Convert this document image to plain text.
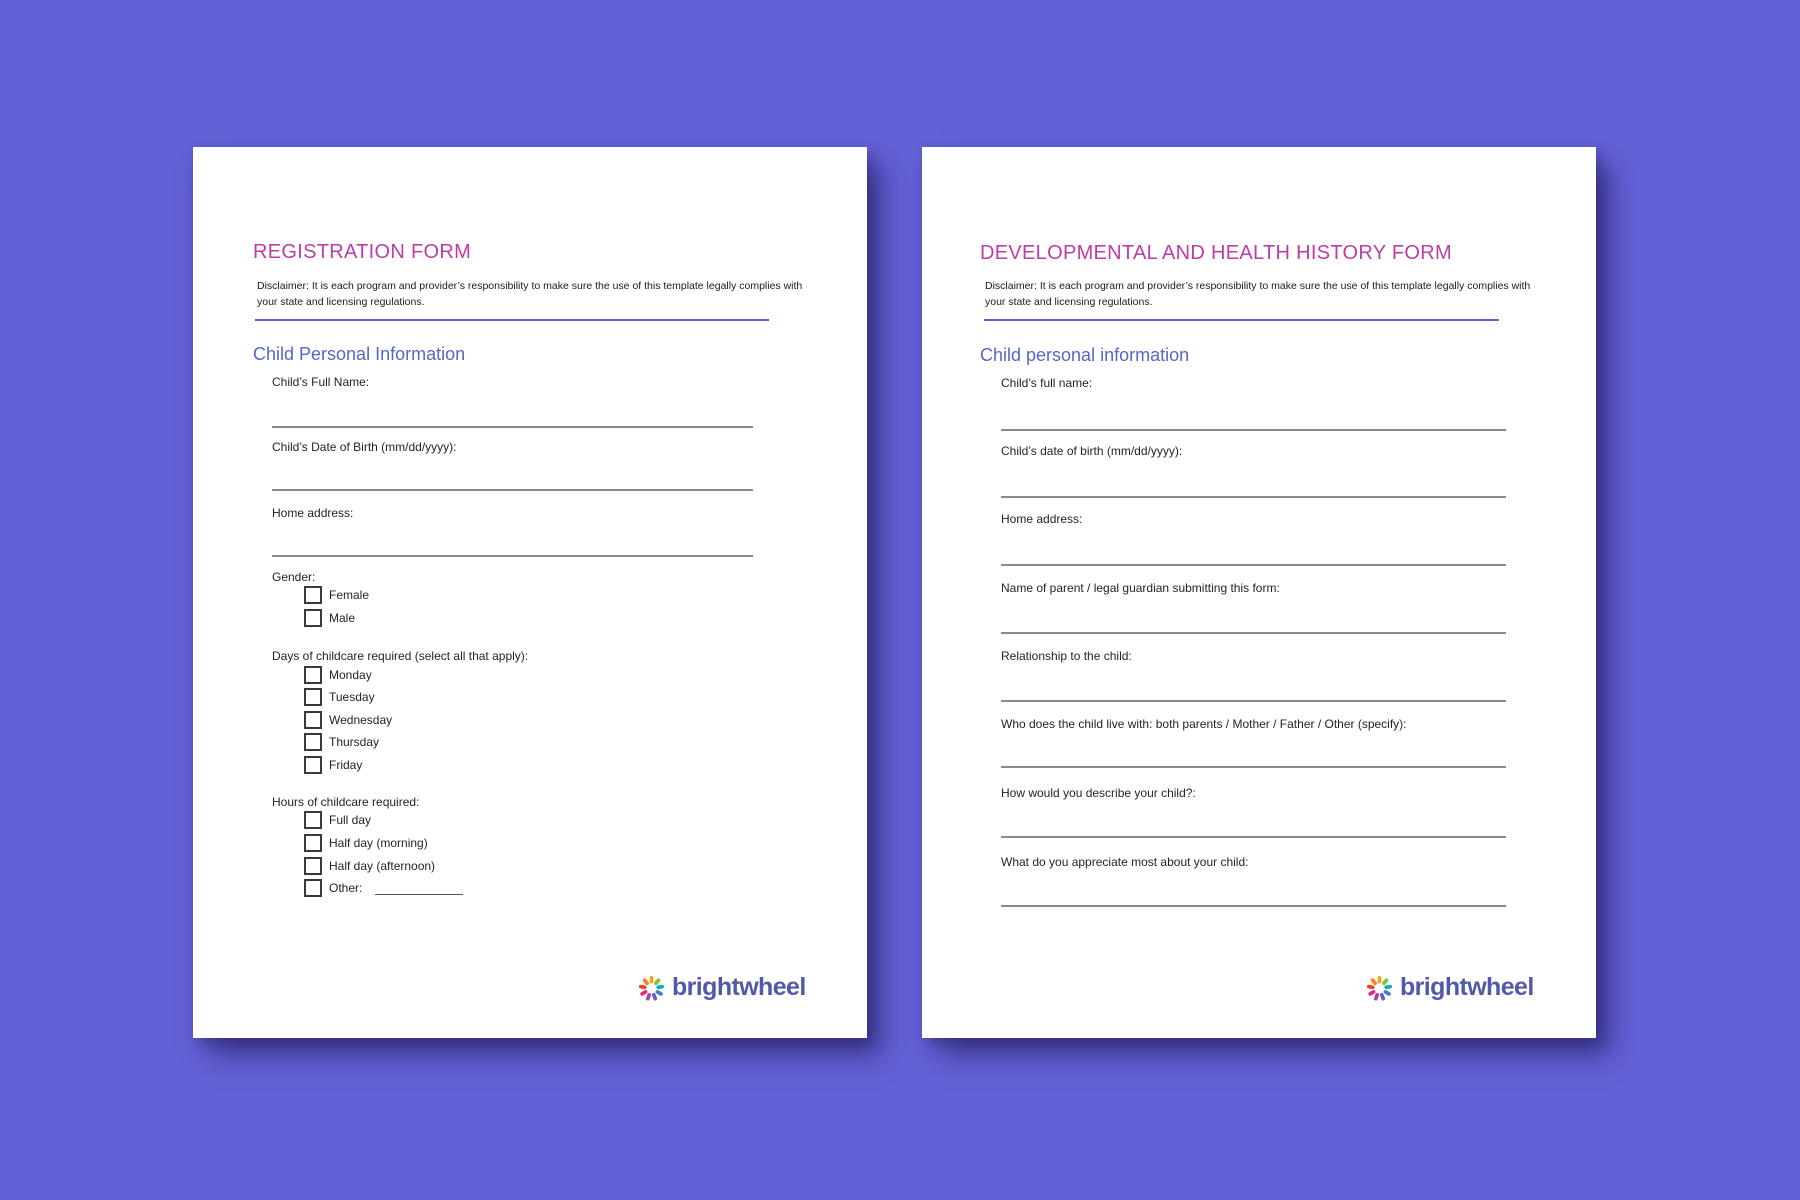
REGISTRATION FORM
Disclaimer: It is each program and provider’s responsibility to make sure the use of this template legally complies with
your state and licensing regulations.
Child Personal Information
Child’s Full Name:
Child’s Date of Birth (mm/dd/yyyy):
Home address:
Gender:
Female
Male
Days of childcare required (select all that apply):
Monday
Tuesday
Wednesday
Thursday
Friday
Hours of childcare required:
Full day
Half day (morning)
Half day (afternoon)
Other:
brightwheel
DEVELOPMENTAL AND HEALTH HISTORY FORM
Disclaimer: It is each program and provider’s responsibility to make sure the use of this template legally complies with
your state and licensing regulations.
Child personal information
Child’s full name:
Child’s date of birth (mm/dd/yyyy):
Home address:
Name of parent / legal guardian submitting this form:
Relationship to the child:
Who does the child live with: both parents / Mother / Father / Other (specify):
How would you describe your child?:
What do you appreciate most about your child:
brightwheel
